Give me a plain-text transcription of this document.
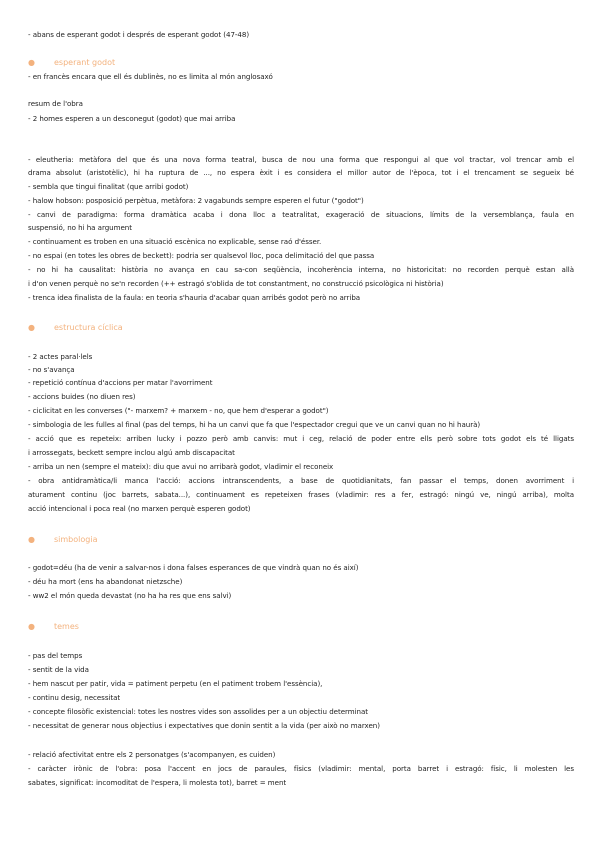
- abans de esperant godot i després de esperant godot (47-48)
● esperant godot
- en francès encara que ell és dublinès, no es limita al món anglosaxó
resum de l'obra
- 2 homes esperen a un desconegut (godot) que mai arriba
- eleutheria: metàfora del que és una nova forma teatral, busca de nou una forma que respongui al que vol tractar, vol trencar amb el
drama absolut (aristotèlic), hi ha ruptura de ..., no espera èxit i es considera el millor autor de l'època, tot i el trencament se segueix bé
- sembla que tingui finalitat (que arribi godot)
- halow hobson: posposició perpètua, metàfora: 2 vagabunds sempre esperen el futur ("godot")
- canvi de paradigma: forma dramàtica acaba i dona lloc a teatralitat, exageració de situacions, límits de la versemblança, faula en
suspensió, no hi ha argument
- continuament es troben en una situació escènica no explicable, sense raó d'ésser.
- no espai (en totes les obres de beckett): podria ser qualsevol lloc, poca delimitació del que passa
- no hi ha causalitat: història no avança en cau sa-con seqüència, incoherència interna, no historicitat: no recorden perquè estan allà
i d'on venen perquè no se'n recorden (++ estragó s'oblida de tot constantment, no construcció psicològica ni història)
- trenca idea finalista de la faula: en teoria s'hauria d'acabar quan arribés godot però no arriba
● estructura cíclica
- 2 actes paral·lels
- no s'avança
- repetició contínua d'accions per matar l'avorriment
- accions buides (no diuen res)
- ciclicitat en les converses ("- marxem? + marxem - no, que hem d'esperar a godot")
- simbologia de les fulles al final (pas del temps, hi ha un canvi que fa que l'espectador cregui que ve un canvi quan no hi haurà)
- acció que es repeteix: arriben lucky i pozzo però amb canvis: mut i ceg, relació de poder entre ells però sobre tots godot els té lligats
i arrossegats, beckett sempre inclou algú amb discapacitat
- arriba un nen (sempre el mateix): diu que avui no arribarà godot, vladimir el reconeix
- obra antidramàtica/li manca l'acció: accions intranscendents, a base de quotidianitats, fan passar el temps, donen avorriment i
aturament continu (joc barrets, sabata...), continuament es repeteixen frases (vladimir: res a fer, estragó: ningú ve, ningú arriba), molta
acció intencional i poca real (no marxen perquè esperen godot)
● simbologia
- godot=déu (ha de venir a salvar-nos i dona falses esperances de que vindrà quan no és així)
- déu ha mort (ens ha abandonat nietzsche)
- ww2 el món queda devastat (no ha ha res que ens salvi)
● temes
- pas del temps
- sentit de la vida
- hem nascut per patir, vida = patiment perpetu (en el patiment trobem l'essència),
- continu desig, necessitat
- concepte filosòfic existencial: totes les nostres vides son assolides per a un objectiu determinat
- necessitat de generar nous objectius i expectatives que donin sentit a la vida (per això no marxen)
- relació afectivitat entre els 2 personatges (s'acompanyen, es cuiden)
- caràcter irònic de l'obra: posa l'accent en jocs de paraules, físics (vladimir: mental, porta barret i estragó: físic, li molesten les
sabates, significat: incomoditat de l'espera, li molesta tot), barret = ment
